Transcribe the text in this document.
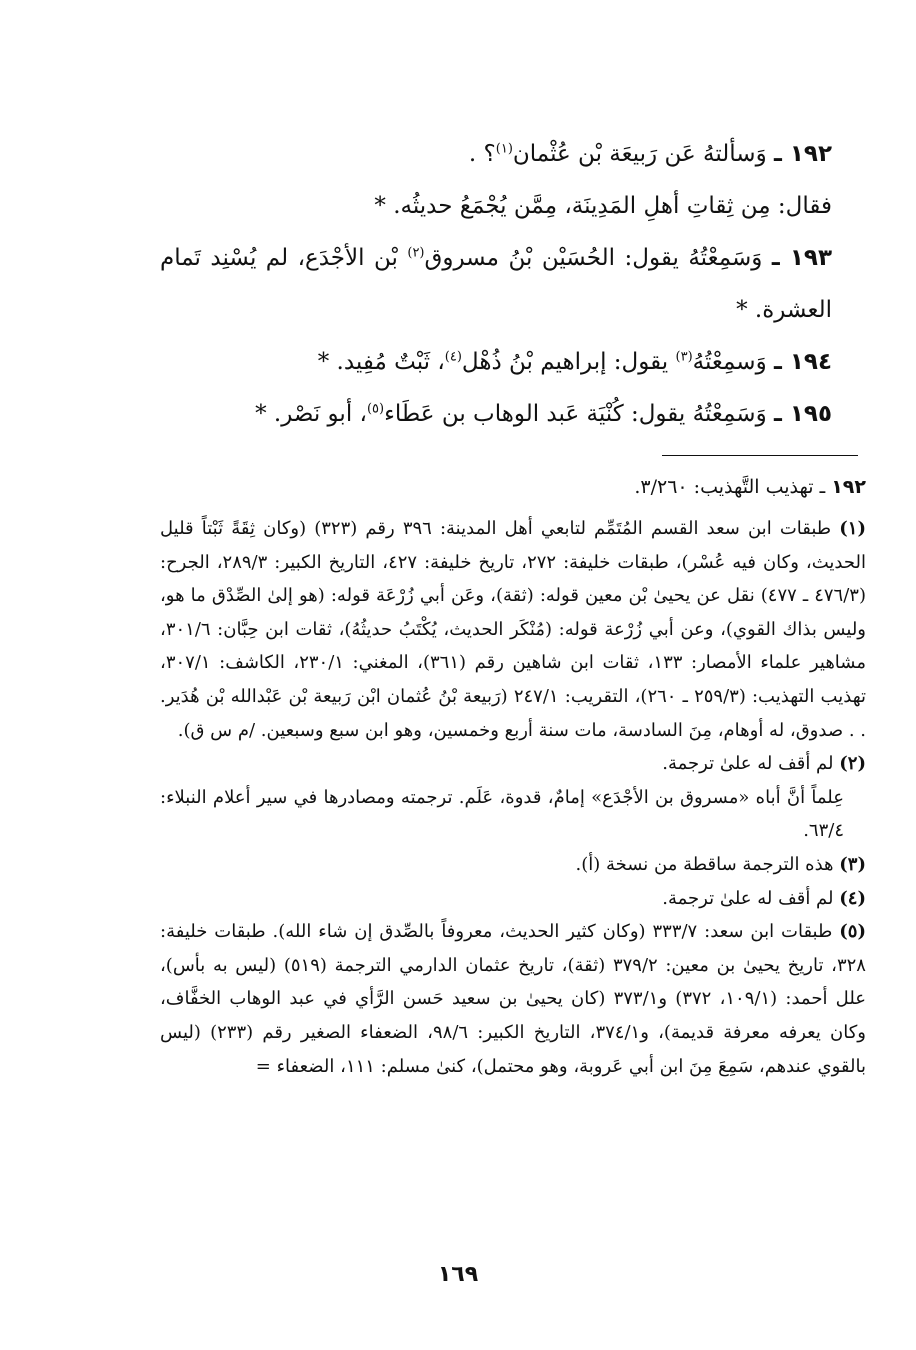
١٩٢ ـ وَسألتهُ عَن رَبيعَة بْن عُثْمان$^{(١)}$؟ .

فقال: مِن ثِقاتِ أهلِ المَدِينَة، مِمَّن يُجْمَعُ حديثُه. *

١٩٣ ـ وَسَمِعْتُهُ يقول: الحُسَيْن بْنُ مسروق$^{(٢)}$ بْن الأجْدَع، لم يُسْنِد تَمام العشرة. *

١٩٤ ـ وَسمِعْتُهُ$^{(٣)}$ يقول: إبراهيم بْنُ ذُهْل$^{(٤)}$، ثَبْتٌ مُفِيد. *

١٩٥ ـ وَسَمِعْتُهُ يقول: كُنْيَة عَبد الوهاب بن عَطَاء$^{(٥)}$، أبو نَصْر. *

١٩٢ ـ تهذيب التَّهذيب: ٣/٢٦٠.

(١) طبقات ابن سعد القسم المُتَمِّم لتابعي أهل المدينة: ٣٩٦ رقم (٣٢٣) (وكان ثِقَةً ثَبْتاً قليل الحديث، وكان فيه عُسْر)، طبقات خليفة: ٢٧٢، تاريخ خليفة: ٤٢٧، التاريخ الكبير: ٢٨٩/٣، الجرح: (٤٧٦/٣ ـ ٤٧٧) نقل عن يحيىٰ بْن معين قوله: (ثقة)، وعَن أبي زُرْعَة قوله: (هو إلىٰ الصِّدْق ما هو، وليس بذاك القوي)، وعن أبي زُرْعة قوله: (مُنْكَر الحديث، يُكْتَبُ حديثُهُ)، ثقات ابن حِبَّان: ٣٠١/٦، مشاهير علماء الأمصار: ١٣٣، ثقات ابن شاهين رقم (٣٦١)، المغني: ٢٣٠/١، الكاشف: ٣٠٧/١، تهذيب التهذيب: (٢٥٩/٣ ـ ٢٦٠)، التقريب: ٢٤٧/١ (رَبيعة بْنُ عُثمان ابْن رَبيعة بْن عَبْدالله بْن هُدَير. . . صدوق، له أوهام، مِنَ السادسة، مات سنة أربع وخمسين، وهو ابن سبع وسبعين. /م س ق).
(٢) لم أقف له علىٰ ترجمة.
عِلماً أنَّ أباه «مسروق بن الأجْدَع» إمامٌ، قدوة، عَلَم. ترجمته ومصادرها في سير أعلام النبلاء: ٦٣/٤.
(٣) هذه الترجمة ساقطة من نسخة (أ).
(٤) لم أقف له علىٰ ترجمة.
(٥) طبقات ابن سعد: ٣٣٣/٧ (وكان كثير الحديث، معروفاً بالصِّدق إن شاء الله). طبقات خليفة: ٣٢٨، تاريخ يحيىٰ بن معين: ٣٧٩/٢ (ثقة)، تاريخ عثمان الدارمي الترجمة (٥١٩) (ليس به بأس)، علل أحمد: (١٠٩/١، ٣٧٢) و٣٧٣/١ (كان يحيىٰ بن سعيد حَسن الرَّأي في عبد الوهاب الخفَّاف، وكان يعرفه معرفة قديمة)، و٣٧٤/١، التاريخ الكبير: ٩٨/٦، الضعفاء الصغير رقم (٢٣٣) (ليس بالقوي عندهم، سَمِعَ مِنَ ابن أبي عَروبة، وهو محتمل)، كنىٰ مسلم: ١١١، الضعفاء =
١٦٩
